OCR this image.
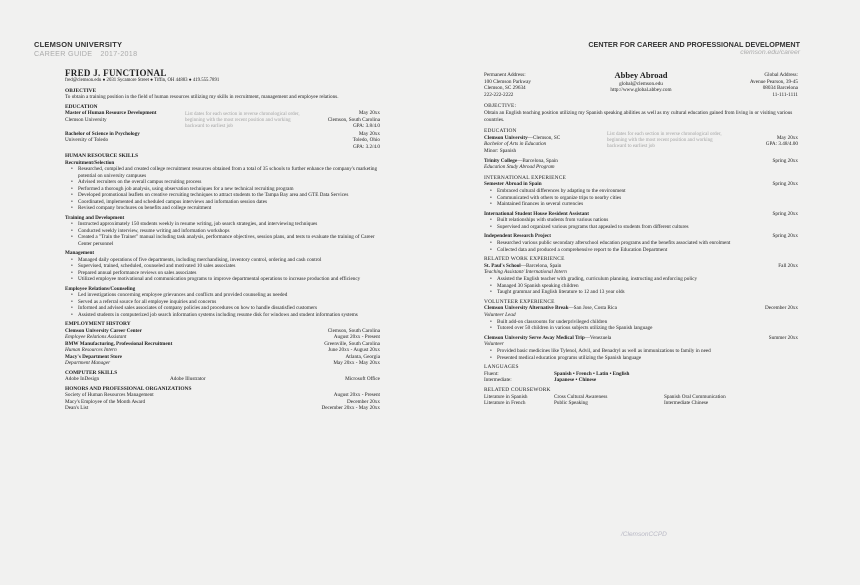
CLEMSON UNIVERSITY
CAREER GUIDE 2017-2018
CENTER FOR CAREER AND PROFESSIONAL DEVELOPMENT
clemson.edu/career
FRED J. FUNCTIONAL
fred@clemson.edu ● 2031 Sycamore Street ● Tiffin, OH 44883 ● 419.555.7891
OBJECTIVE
To obtain a training position in the field of human resources utilizing my skills in recruitment, management and employee relations.
EDUCATION
List dates for each section in reverse chronological order, beginning with the most recent position and working backward to earliest job
Master of Human Resource Development	May 20xx
Clemson University	Clemson, South Carolina
GPA: 3.8/4.0
Bachelor of Science in Psychology	May 20xx
University of Toledo	Toledo, Ohio
GPA: 3.2/4.0
HUMAN RESOURCE SKILLS
Recruitment/Selection
• Researched, compiled and created college recruitment resources obtained from a total of 35 schools to further enhance the company's marketing potential on university campuses
• Advised recruiters on the overall campus recruiting process
• Performed a thorough job analysis, using observation techniques for a new technical recruiting program
• Developed promotional leaflets on creative recruiting techniques to attract students to the Tampa Bay area and GTE Data Services
• Coordinated, implemented and scheduled campus interviews and information session dates
• Revised company brochures on benefits and college recruitment
Training and Development
• Instructed approximately 150 students weekly in resume writing, job search strategies, and interviewing techniques
• Conducted weekly interview, resume writing and information workshops
• Created a "Train the Trainer" manual including task analysis, performance objectives, session plans, and tests to evaluate the training of Career Center personnel
Management
• Managed daily operations of five departments, including merchandising, inventory control, ordering and cash control
• Supervised, trained, scheduled, counseled and motivated 10 sales associates
• Prepared annual performance reviews on sales associates
• Utilized employee motivational and communication programs to improve departmental operations to increase production and efficiency
Employee Relations/Counseling
• Led investigations concerning employee grievances and conflicts and provided counseling as needed
• Served as a referral source for all employee inquiries and concerns
• Informed and advised sales associates of company policies and procedures on how to handle dissatisfied customers
• Assisted students in computerized job search information systems including resume disk for windows and student information systems
EMPLOYMENT HISTORY
Clemson University Career Center	Clemson, South Carolina
Employee Relations Assistant	August 20xx - Present
BMW Manufacturing, Professional Recruitment	Greenville, South Carolina
Human Resources Intern	June 20xx - August 20xx
Macy's Department Store	Atlanta, Georgia
Department Manager	May 20xx - May 20xx
COMPUTER SKILLS
Adobe InDesign	Adobe Illustrator	Microsoft Office
HONORS AND PROFESSIONAL ORGANIZATIONS
Society of Human Resources Management	August 20xx - Present
Macy's Employee of the Month Award	December 20xx
Dean's List	December 20xx - May 20xx
Permanent Address:
100 Clemson Parkway
Clemson, SC 29634
222-222-2222
Abbey Abroad
global@clemson.edu
http://www.global.abbey.com
Global Address:
Avenue Pearson, 39-45
08034 Barcelona
11-111-1111
OBJECTIVE:
Obtain an English teaching position utilizing my Spanish speaking abilities as well as my cultural education gained from living in or visiting various countries.
EDUCATION
List dates for each section in reverse chronological order, beginning with the most recent position and working backward to earliest job
Clemson University—Clemson, SC	May 20xx
Bachelor of Arts in Education	GPA: 3.48/4.00
Minor: Spanish
Trinity College—Barcelona, Spain	Spring 20xx
Education Study Abroad Program
INTERNATIONAL EXPERIENCE
Semester Abroad in Spain	Spring 20xx
• Embraced cultural differences by adapting to the environment
• Communicated with others to organize trips to nearby cities
• Maintained finances in several currencies
International Student House Resident Assistant	Spring 20xx
• Built relationships with students from various nations
• Supervised and organized various programs that appealed to students from different cultures
Independent Research Project	Spring 20xx
• Researched various public secondary afterschool education programs and the benefits associated with enrolment
• Collected data and produced a comprehensive report to the Education Department
RELATED WORK EXPERIENCE
St. Paul's School—Barcelona, Spain	Fall 20xx
Teaching Assistant/ International Intern
• Assisted the English teacher with grading, curriculum planning, instructing and enforcing policy
• Managed 30 Spanish speaking children
• Taught grammar and English literature to 12 and 13 year olds
VOLUNTEER EXPERIENCE
Clemson University Alternative Break—San Jose, Costa Rica	December 20xx
Volunteer Lead
• Built add-on classrooms for underprivileged children
• Tutored over 50 children in various subjects utilizing the Spanish language
Clemson University Serve Away Medical Trip—Venezuela	Summer 20xx
Volunteer
• Provided basic medicines like Tylenol, Advil, and Benadryl as well as immunizations to family in need
• Presented medical education programs utilizing the Spanish language
LANGUAGES
Fluent:	Spanish • French • Latin • English
Intermediate:	Japanese • Chinese
RELATED COURSEWORK
Literature in Spanish	Cross Cultural Awareness	Spanish Oral Communication
Literature in French	Public Speaking	Intermediate Chinese
/ClemsonCCPD
